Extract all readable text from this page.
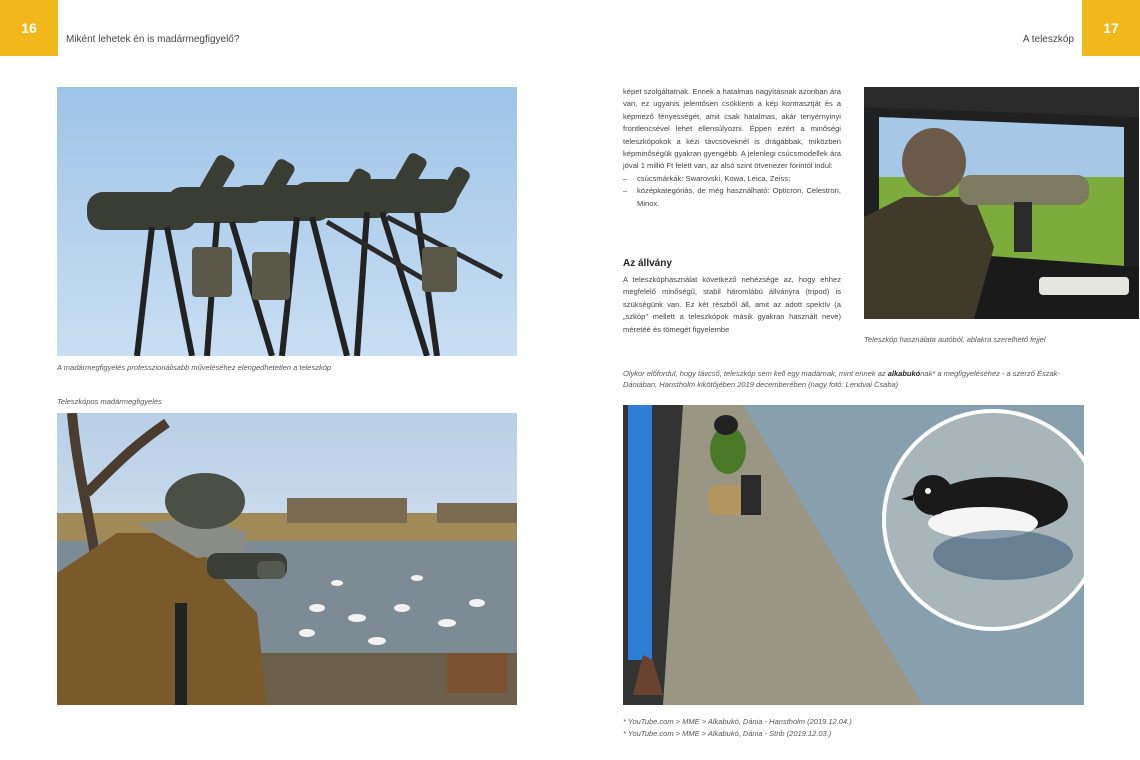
16
Miként lehetek én is madármegfigyelő?	A teleszkóp
17
A madármegfigyelés professzionálisabb műveléséhez elengedhetetlen a teleszkóp
Teleszkópos madármegfigyelés

képet szolgáltatnak. Ennek a hatalmas nagyításnak azonban ára van, ez ugyanis jelentősen csökkenti a kép kontrasztját és a képmező fényességét, amit csak hatalmas, akár tenyérnyi​nyi frontlencsével lehet ellensúlyozni. Éppen ezért a minőségi teleszkópokok a kézi távcsöveknél is drágábbak, miközben képminőségük gyakran gyengébb. A jelenlegi csúcsmodellek ára jóval 1 millió Ft felett van, az alsó szint ötvenezer forintól indul:

– csúcsmárkák: Swarovski, Kowa, Leica, Zeiss;
– középkategóriás, de még használható: Opticron, Celestron, Minox.
Az állvány

A teleszkóphasználat következő nehézsége az, hogy ehhez megfelelő minőségű, stabil háromlábú állványra (tripod) is szükségünk van. Ez két részből áll, amit az adott spektív (a „szkóp" mellett a teleszkópok másik gyakran használt neve) méretéé és tömegét figyelembe

Teleszkóp használata autóból, ablakra szerelhető fejjel
Olykor előfordul, hogy távcső, teleszkóp sem kell egy madárnak, mint ennek az alkabukónak* a megfigyeléséhez - a szerző Észak-Dániában, Hanstholm kikötőjében 2019 decemberében (nagy fotó: Lendvai Csaba)
* YouTube.com > MME > Alkabukó, Dánia - Hanstholm (2019.12.04.)
* YouTube.com > MME > Alkabukó, Dánia - Strib (2019.12.03.)
